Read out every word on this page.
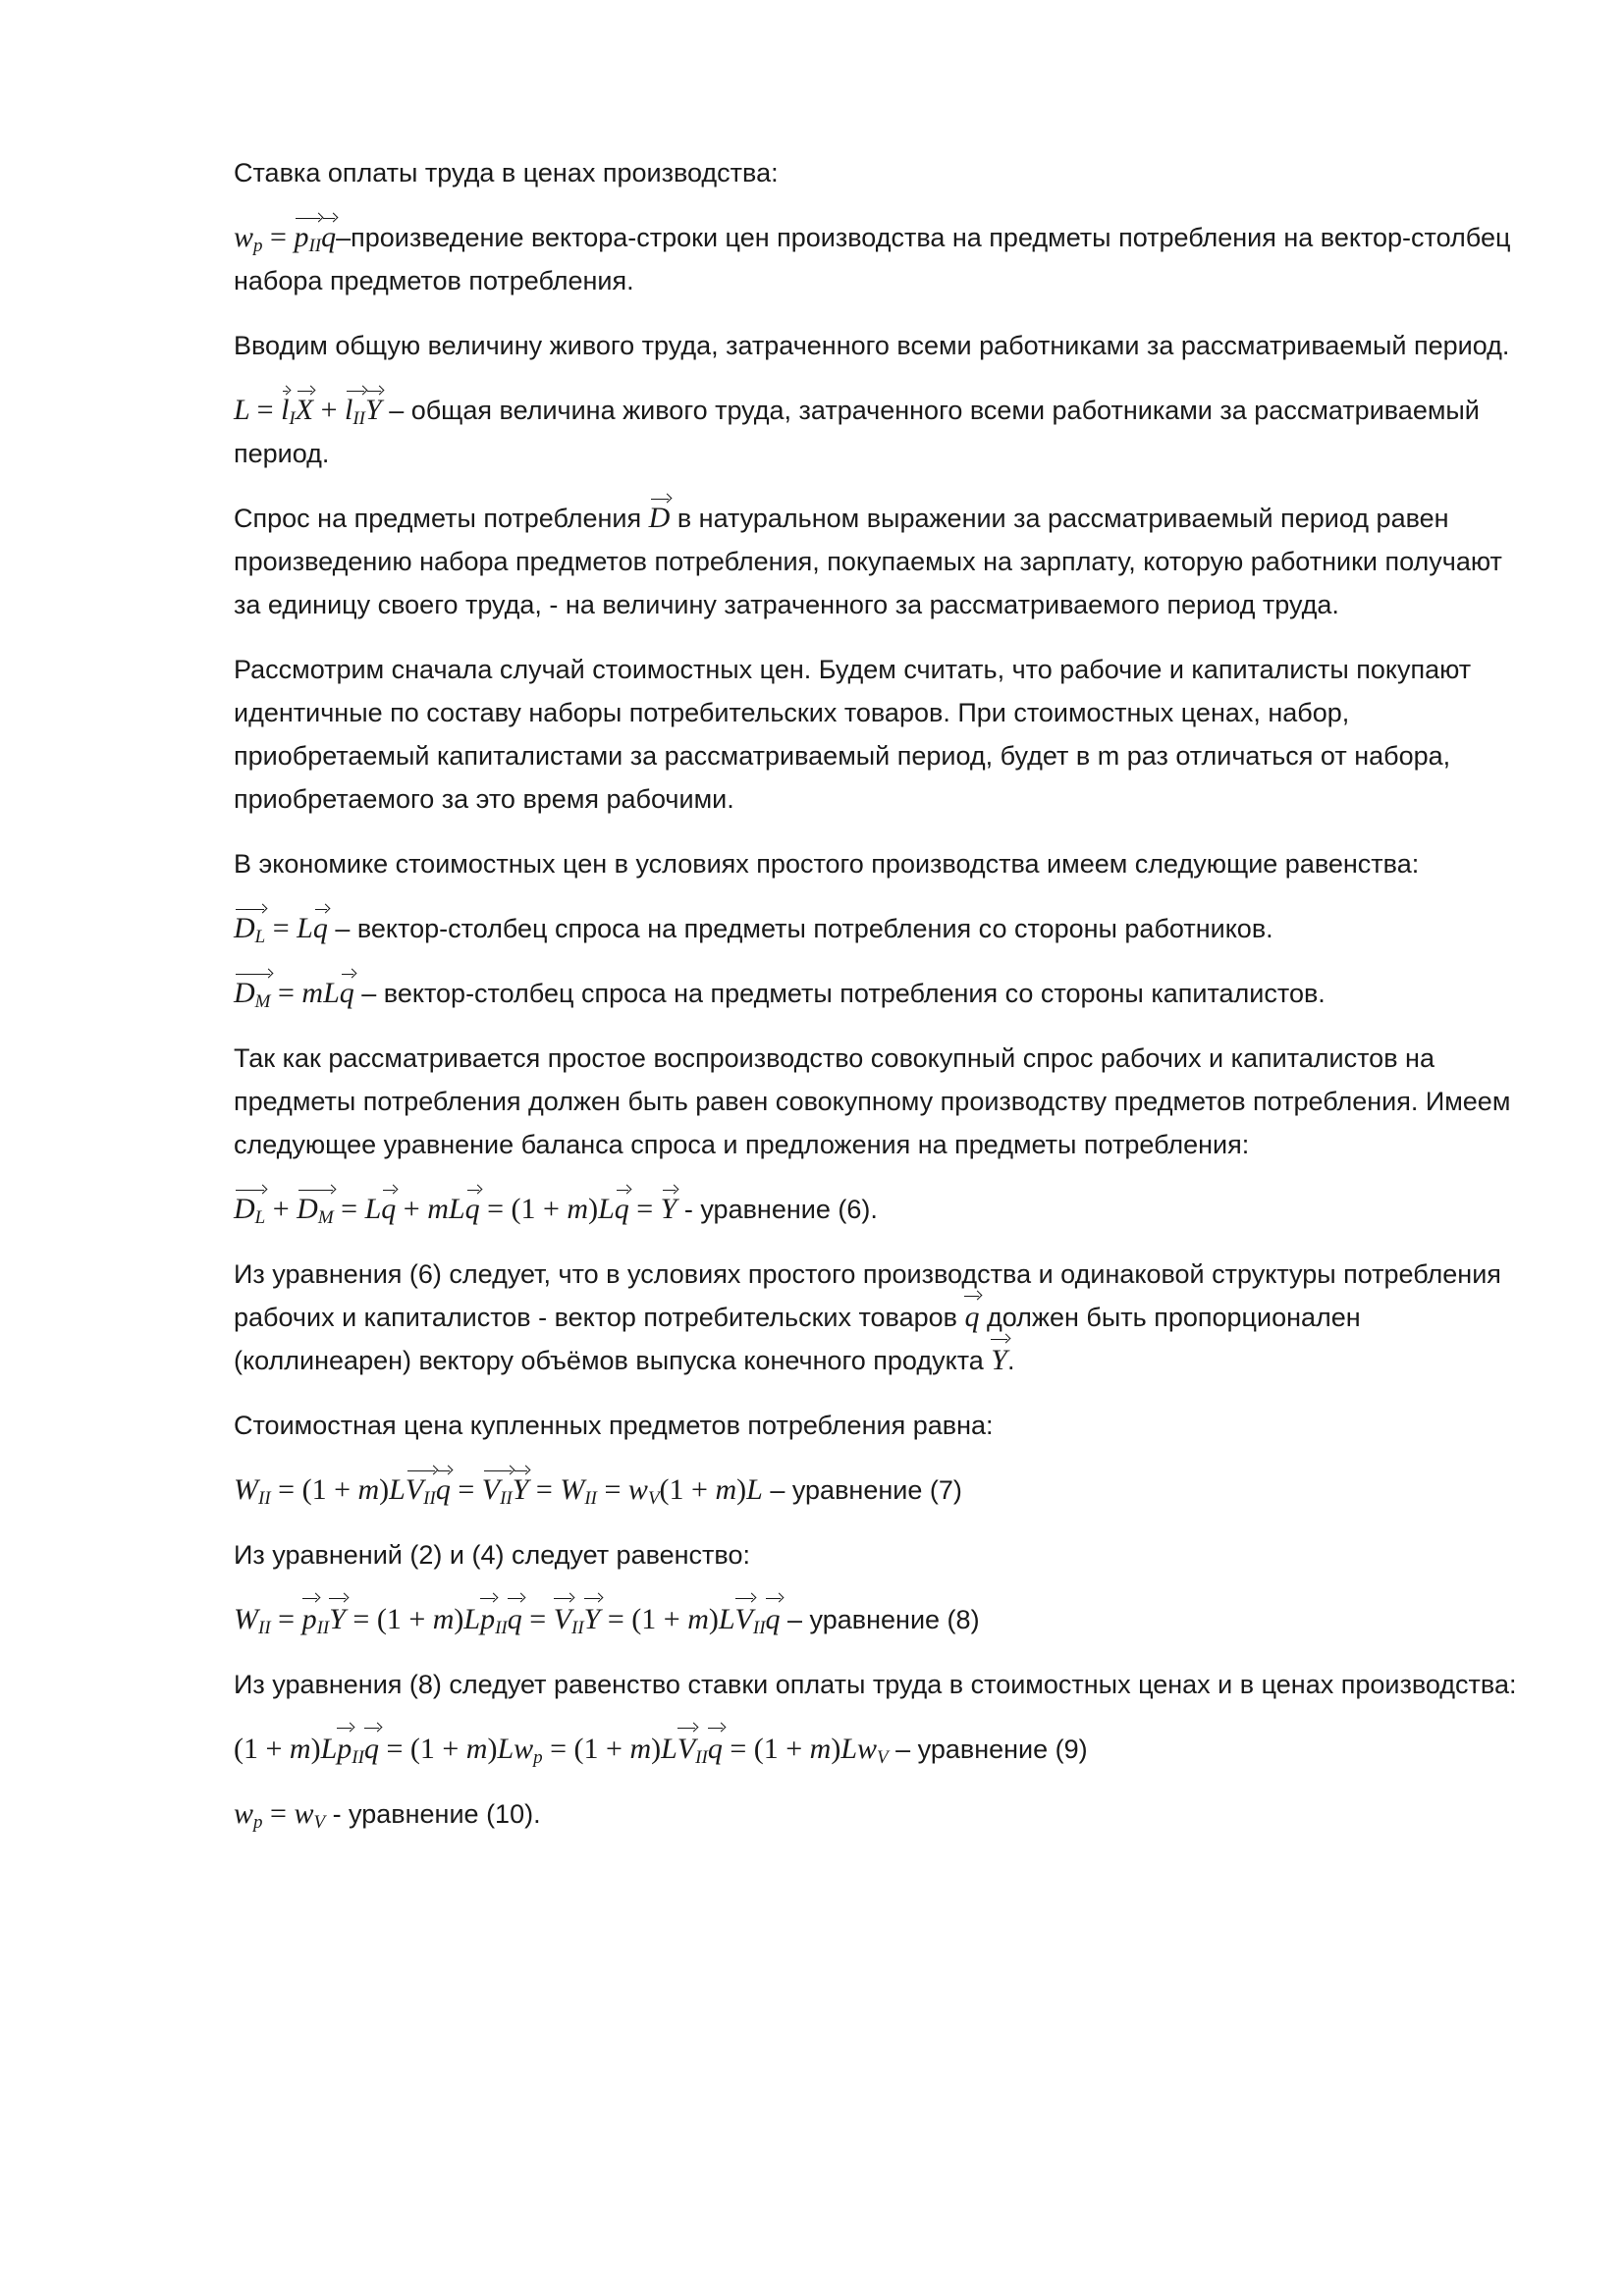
Ставка оплаты труда в ценах производства:

$w_p$ = $p_{II}q$–произведение вектора-строки цен производства на предметы потребления на вектор-столбец набора предметов потребления.

Вводим общую величину живого труда, затраченного всеми работниками за рассматриваемый период.

$L = l_IX + l_{II}Y$ – общая величина живого труда, затраченного всеми работниками за рассматриваемый период.

Спрос на предметы потребления D в натуральном выражении за рассматриваемый период равен произведению набора предметов потребления, покупаемых на зарплату, которую работники получают за единицу своего труда, - на величину затраченного за рассматриваемого период труда.

Рассмотрим сначала случай стоимостных цен. Будем считать, что рабочие и капиталисты покупают идентичные по составу наборы потребительских товаров. При стоимостных ценах, набор, приобретаемый капиталистами за рассматриваемый период, будет в m раз отличаться от набора, приобретаемого за это время рабочими.

В экономике стоимостных цен в условиях простого производства имеем следующие равенства:

$D_L = Lq$ – вектор-столбец спроса на предметы потребления со стороны работников.

$D_M$ = mLq – вектор-столбец спроса на предметы потребления со стороны капиталистов.

Так как рассматривается простое воспроизводство совокупный спрос рабочих и капиталистов на предметы потребления должен быть равен совокупному производству предметов потребления. Имеем следующее уравнение баланса спроса и предложения на предметы потребления:

$D_L + D_M = Lq$ + mLq = (1 + m)Lq = Y - уравнение (6).

Из уравнения (6) следует, что в условиях простого производства и одинаковой структуры потребления рабочих и капиталистов - вектор потребительских товаров q должен быть пропорционален (коллинеарен) вектору объёмов выпуска конечного продукта Y.

Стоимостная цена купленных предметов потребления равна:

$W_{II} = (1 + m)LV_{II}q = V_{II}Y = W_{II} = w_V(1 + m)L$ – уравнение (7)

Из уравнений (2) и (4) следует равенство:

$W_{II} = p_{II}Y = (1 + m)Lp_{II}q = V_{II}Y = (1 + m)LV_{II}q$ – уравнение (8)

Из уравнения (8) следует равенство ставки оплаты труда в стоимостных ценах и в ценах производства:

$(1 + m)Lp_{II}q = (1 + m)Lw_p = (1 + m)LV_{II}q = (1 + m)Lw_V$ – уравнение (9)

$w_p = w_V$ - уравнение (10).
